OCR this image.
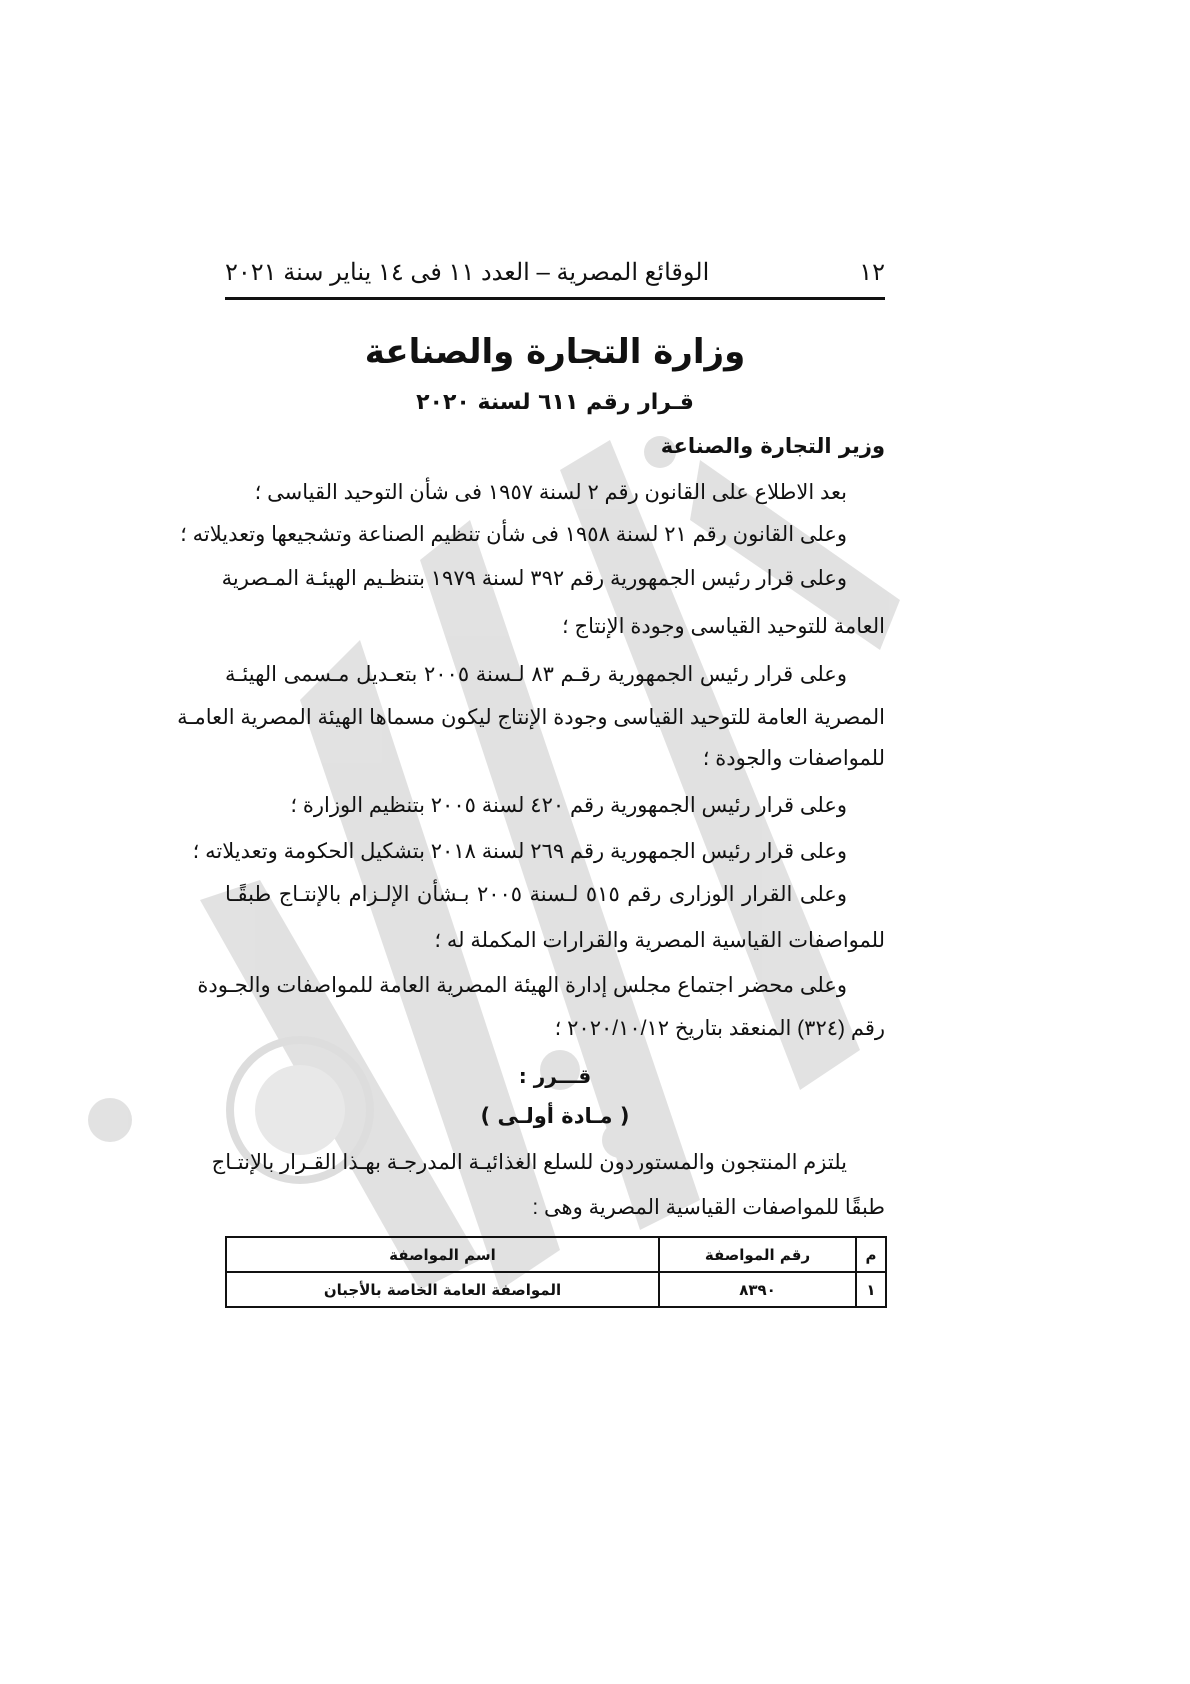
١٢
الوقائع المصرية – العدد ١١ فى ١٤ يناير سنة ٢٠٢١
وزارة التجارة والصناعة
قـرار رقم ٦١١ لسنة ٢٠٢٠
وزير التجارة والصناعة
بعد الاطلاع على القانون رقم ٢ لسنة ١٩٥٧ فى شأن التوحيد القياسى ؛
وعلى القانون رقم ٢١ لسنة ١٩٥٨ فى شأن تنظيم الصناعة وتشجيعها وتعديلاته ؛
وعلى قرار رئيس الجمهورية رقم ٣٩٢ لسنة ١٩٧٩ بتنظـيم الهيئـة المـصرية
العامة للتوحيد القياسى وجودة الإنتاج ؛
وعلى قرار رئيس الجمهورية رقـم ٨٣ لـسنة ٢٠٠٥ بتعـديل مـسمى الهيئـة
المصرية العامة للتوحيد القياسى وجودة الإنتاج ليكون مسماها الهيئة المصرية العامـة
للمواصفات والجودة ؛
وعلى قرار رئيس الجمهورية رقم ٤٢٠ لسنة ٢٠٠٥ بتنظيم الوزارة ؛
وعلى قرار رئيس الجمهورية رقم ٢٦٩ لسنة ٢٠١٨ بتشكيل الحكومة وتعديلاته ؛
وعلى القرار الوزارى رقم ٥١٥ لـسنة ٢٠٠٥ بـشأن الإلـزام بالإنتـاج طبقًـا
للمواصفات القياسية المصرية والقرارات المكملة له ؛
وعلى محضر اجتماع مجلس إدارة الهيئة المصرية العامة للمواصفات والجـودة
رقم (٣٢٤) المنعقد بتاريخ ٢٠٢٠/١٠/١٢ ؛
قـــرر :
( مـادة أولـى )
يلتزم المنتجون والمستوردون للسلع الغذائيـة المدرجـة بهـذا القـرار بالإنتـاج
طبقًا للمواصفات القياسية المصرية وهى :
م	رقم المواصفة	اسم المواصفة
١	٨٣٩٠	المواصفة العامة الخاصة بالأجبان
